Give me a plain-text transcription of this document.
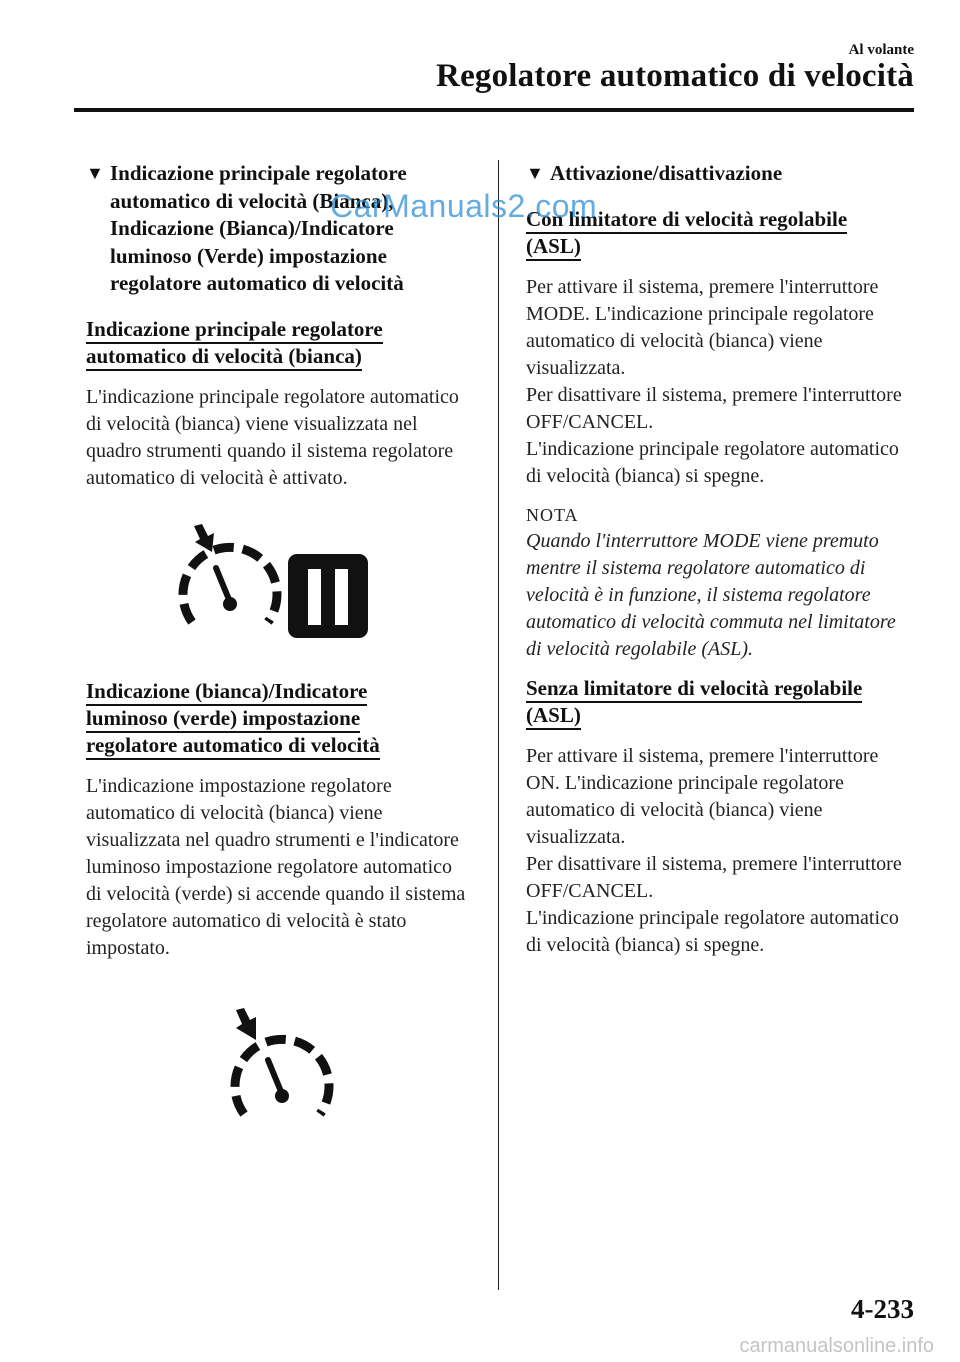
Al volante
Regolatore automatico di velocità
▼ Indicazione principale regolatore
automatico di velocità (Bianca),
Indicazione (Bianca)/Indicatore
luminoso (Verde) impostazione
regolatore automatico di velocità
Indicazione principale regolatore
automatico di velocità (bianca)

L'indicazione principale regolatore automatico di velocità (bianca) viene visualizzata nel quadro strumenti quando il sistema regolatore automatico di velocità è attivato.

Indicazione (bianca)/Indicatore
luminoso (verde) impostazione
regolatore automatico di velocità

L'indicazione impostazione regolatore automatico di velocità (bianca) viene visualizzata nel quadro strumenti e l'indicatore luminoso impostazione regolatore automatico di velocità (verde) si accende quando il sistema regolatore automatico di velocità è stato impostato.

▼ Attivazione/disattivazione
Con limitatore di velocità regolabile
(ASL)

Per attivare il sistema, premere l'interruttore MODE. L'indicazione principale regolatore automatico di velocità (bianca) viene visualizzata.

Per disattivare il sistema, premere l'interruttore OFF/CANCEL.

L'indicazione principale regolatore automatico di velocità (bianca) si spegne.

NOTA

Quando l'interruttore MODE viene premuto mentre il sistema regolatore automatico di velocità è in funzione, il sistema regolatore automatico di velocità commuta nel limitatore di velocità regolabile (ASL).

Senza limitatore di velocità regolabile
(ASL)

Per attivare il sistema, premere l'interruttore ON. L'indicazione principale regolatore automatico di velocità (bianca) viene visualizzata.

Per disattivare il sistema, premere l'interruttore OFF/CANCEL.

L'indicazione principale regolatore automatico di velocità (bianca) si spegne.

CarManuals2.com
4-233
carmanualsonline.info
